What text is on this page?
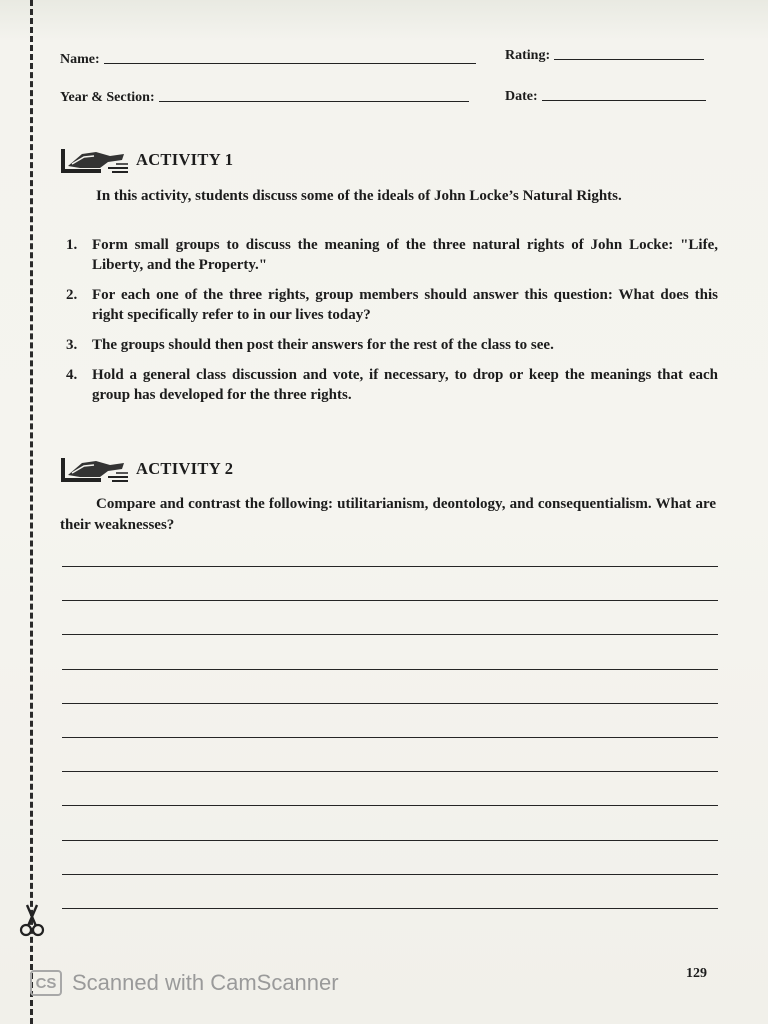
Name:	Rating:
Year & Section:	Date:
ACTIVITY 1
In this activity, students discuss some of the ideals of John Locke’s Natural Rights.
1. Form small groups to discuss the meaning of the three natural rights of John Locke: "Life, Liberty, and the Property."
2. For each one of the three rights, group members should answer this question: What does this right specifically refer to in our lives today?
3. The groups should then post their answers for the rest of the class to see.
4. Hold a general class discussion and vote, if necessary, to drop or keep the meanings that each group has developed for the three rights.
ACTIVITY 2
Compare and contrast the following: utilitarianism, deontology, and consequentialism. What are their weaknesses?
CS Scanned with CamScanner	129
